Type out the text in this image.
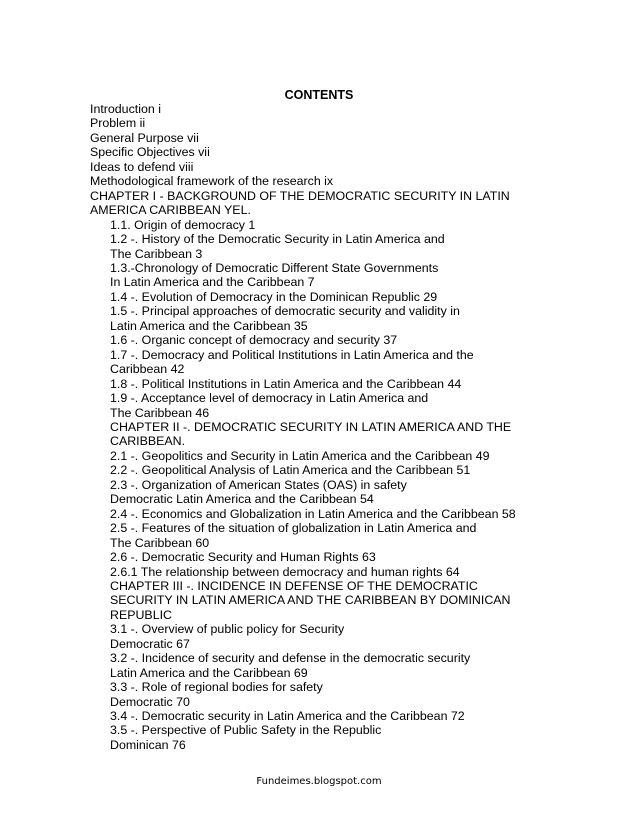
CONTENTS
Introduction i
Problem ii
General Purpose vii
Specific Objectives vii
Ideas to defend viii
Methodological framework of the research ix
CHAPTER I - BACKGROUND OF THE DEMOCRATIC SECURITY IN LATIN
AMERICA CARIBBEAN YEL.
1.1. Origin of democracy 1
1.2 -. History of the Democratic Security in Latin America and
The Caribbean 3
1.3.-Chronology of Democratic Different State Governments
In Latin America and the Caribbean 7
1.4 -. Evolution of Democracy in the Dominican Republic 29
1.5 -. Principal approaches of democratic security and validity in
Latin America and the Caribbean 35
1.6 -. Organic concept of democracy and security 37
1.7 -. Democracy and Political Institutions in Latin America and the
Caribbean 42
1.8 -. Political Institutions in Latin America and the Caribbean 44
1.9 -. Acceptance level of democracy in Latin America and
The Caribbean 46
CHAPTER II -. DEMOCRATIC SECURITY IN LATIN AMERICA AND THE
CARIBBEAN.
2.1 -. Geopolitics and Security in Latin America and the Caribbean 49
2.2 -. Geopolitical Analysis of Latin America and the Caribbean 51
2.3 -. Organization of American States (OAS) in safety
Democratic Latin America and the Caribbean 54
2.4 -. Economics and Globalization in Latin America and the Caribbean 58
2.5 -. Features of the situation of globalization in Latin America and
The Caribbean 60
2.6 -. Democratic Security and Human Rights 63
2.6.1 The relationship between democracy and human rights 64
CHAPTER III -. INCIDENCE IN DEFENSE OF THE DEMOCRATIC
SECURITY IN LATIN AMERICA AND THE CARIBBEAN BY DOMINICAN
REPUBLIC
3.1 -. Overview of public policy for Security
Democratic 67
3.2 -. Incidence of security and defense in the democratic security
Latin America and the Caribbean 69
3.3 -. Role of regional bodies for safety
Democratic 70
3.4 -. Democratic security in Latin America and the Caribbean 72
3.5 -. Perspective of Public Safety in the Republic
Dominican 76
Fundeimes.blogspot.com
